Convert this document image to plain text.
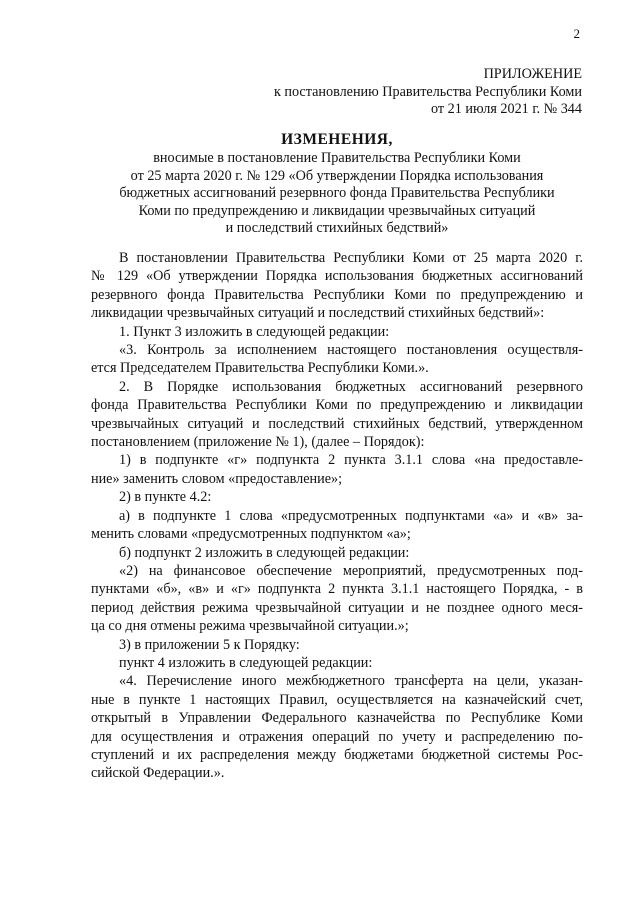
2
ПРИЛОЖЕНИЕ
к постановлению Правительства Республики Коми
от 21 июля 2021 г. № 344
ИЗМЕНЕНИЯ,
вносимые в постановление Правительства Республики Коми
от 25 марта 2020 г. № 129 «Об утверждении Порядка использования
бюджетных ассигнований резервного фонда Правительства Республики
Коми по предупреждению и ликвидации чрезвычайных ситуаций
и последствий стихийных бедствий»
В постановлении Правительства Республики Коми от 25 марта 2020 г.
№ 129 «Об утверждении Порядка использования бюджетных ассигнований
резервного фонда Правительства Республики Коми по предупреждению и
ликвидации чрезвычайных ситуаций и последствий стихийных бедствий»:
1. Пункт 3 изложить в следующей редакции:
«3. Контроль за исполнением настоящего постановления осуществля-
ется Председателем Правительства Республики Коми.».
2. В Порядке использования бюджетных ассигнований резервного
фонда Правительства Республики Коми по предупреждению и ликвидации
чрезвычайных ситуаций и последствий стихийных бедствий, утвержденном
постановлением (приложение № 1), (далее – Порядок):
1) в подпункте «г» подпункта 2 пункта 3.1.1 слова «на предоставле-
ние» заменить словом «предоставление»;
2) в пункте 4.2:
а) в подпункте 1 слова «предусмотренных подпунктами «а» и «в» за-
менить словами «предусмотренных подпунктом «а»;
б) подпункт 2 изложить в следующей редакции:
«2) на финансовое обеспечение мероприятий, предусмотренных под-
пунктами «б», «в» и «г» подпункта 2 пункта 3.1.1 настоящего Порядка, - в
период действия режима чрезвычайной ситуации и не позднее одного меся-
ца со дня отмены режима чрезвычайной ситуации.»;
3) в приложении 5 к Порядку:
пункт 4 изложить в следующей редакции:
«4. Перечисление иного межбюджетного трансферта на цели, указан-
ные в пункте 1 настоящих Правил, осуществляется на казначейский счет,
открытый в Управлении Федерального казначейства по Республике Коми
для осуществления и отражения операций по учету и распределению по-
ступлений и их распределения между бюджетами бюджетной системы Рос-
сийской Федерации.».
